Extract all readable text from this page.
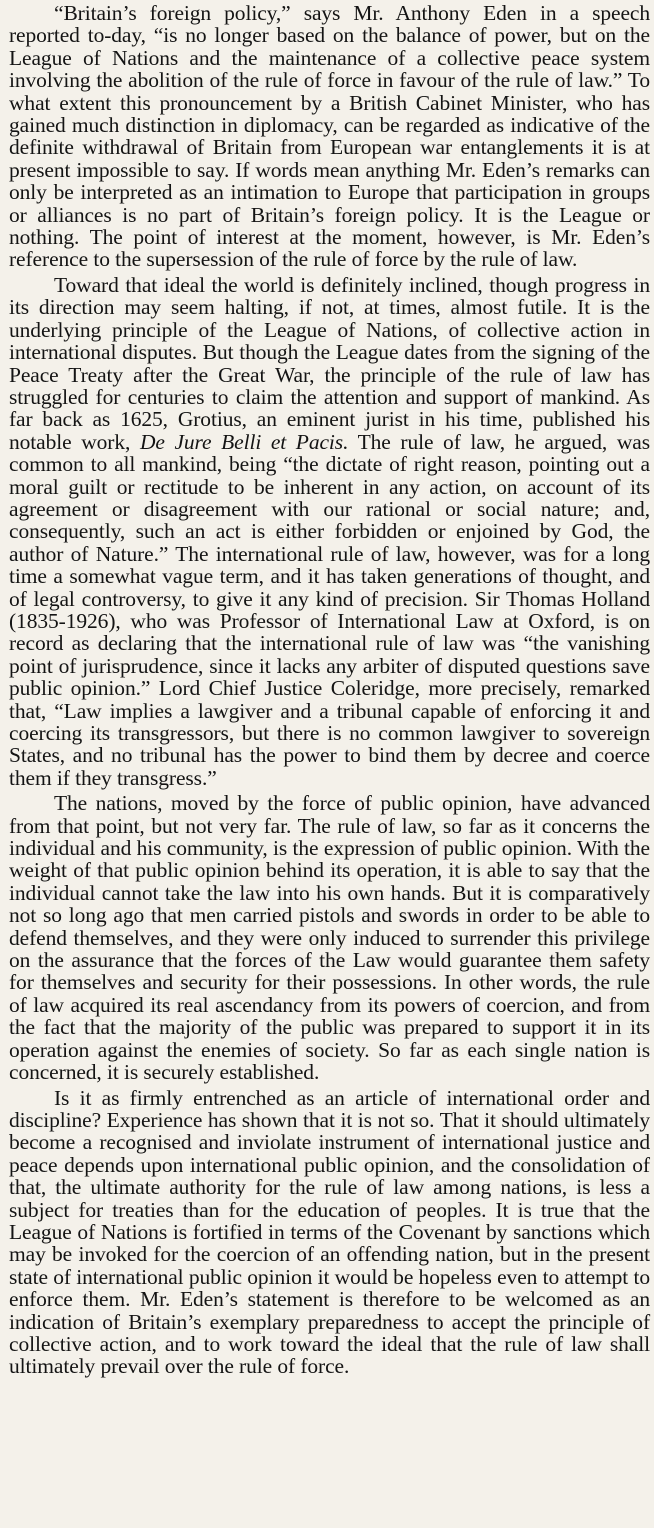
“Britain’s foreign policy,” says Mr. Anthony Eden in a speech reported to-day, “is no longer based on the balance of power, but on the League of Nations and the maintenance of a collective peace system involving the abolition of the rule of force in favour of the rule of law.” To what extent this pronouncement by a British Cabinet Minister, who has gained much distinction in diplomacy, can be regarded as indicative of the definite withdrawal of Britain from European war entanglements it is at present impossible to say. If words mean anything Mr. Eden’s remarks can only be interpreted as an intimation to Europe that participation in groups or alliances is no part of Britain’s foreign policy. It is the League or nothing. The point of interest at the moment, however, is Mr. Eden’s reference to the supersession of the rule of force by the rule of law.

Toward that ideal the world is definitely inclined, though progress in its direction may seem halting, if not, at times, almost futile. It is the underlying principle of the League of Nations, of collective action in international disputes. But though the League dates from the signing of the Peace Treaty after the Great War, the principle of the rule of law has struggled for centuries to claim the attention and support of mankind. As far back as 1625, Grotius, an eminent jurist in his time, published his notable work, De Jure Belli et Pacis. The rule of law, he argued, was common to all mankind, being “the dictate of right reason, pointing out a moral guilt or rectitude to be inherent in any action, on account of its agreement or disagreement with our rational or social nature; and, consequently, such an act is either forbidden or enjoined by God, the author of Nature.” The international rule of law, however, was for a long time a somewhat vague term, and it has taken generations of thought, and of legal controversy, to give it any kind of precision. Sir Thomas Holland (1835-1926), who was Professor of International Law at Oxford, is on record as declaring that the international rule of law was “the vanishing point of jurisprudence, since it lacks any arbiter of disputed questions save public opinion.” Lord Chief Justice Coleridge, more precisely, remarked that, “Law implies a lawgiver and a tribunal capable of enforcing it and coercing its transgressors, but there is no common lawgiver to sovereign States, and no tribunal has the power to bind them by decree and coerce them if they transgress.”

The nations, moved by the force of public opinion, have advanced from that point, but not very far. The rule of law, so far as it concerns the individual and his community, is the expression of public opinion. With the weight of that public opinion behind its operation, it is able to say that the individual cannot take the law into his own hands. But it is comparatively not so long ago that men carried pistols and swords in order to be able to defend themselves, and they were only induced to surrender this privilege on the assurance that the forces of the Law would guarantee them safety for themselves and security for their possessions. In other words, the rule of law acquired its real ascendancy from its powers of coercion, and from the fact that the majority of the public was prepared to support it in its operation against the enemies of society. So far as each single nation is concerned, it is securely established.

Is it as firmly entrenched as an article of international order and discipline? Experience has shown that it is not so. That it should ultimately become a recognised and inviolate instrument of international justice and peace depends upon international public opinion, and the consolidation of that, the ultimate authority for the rule of law among nations, is less a subject for treaties than for the education of peoples. It is true that the League of Nations is fortified in terms of the Covenant by sanctions which may be invoked for the coercion of an offending nation, but in the present state of international public opinion it would be hopeless even to attempt to enforce them. Mr. Eden’s statement is therefore to be welcomed as an indication of Britain’s exemplary preparedness to accept the principle of collective action, and to work toward the ideal that the rule of law shall ultimately prevail over the rule of force.
